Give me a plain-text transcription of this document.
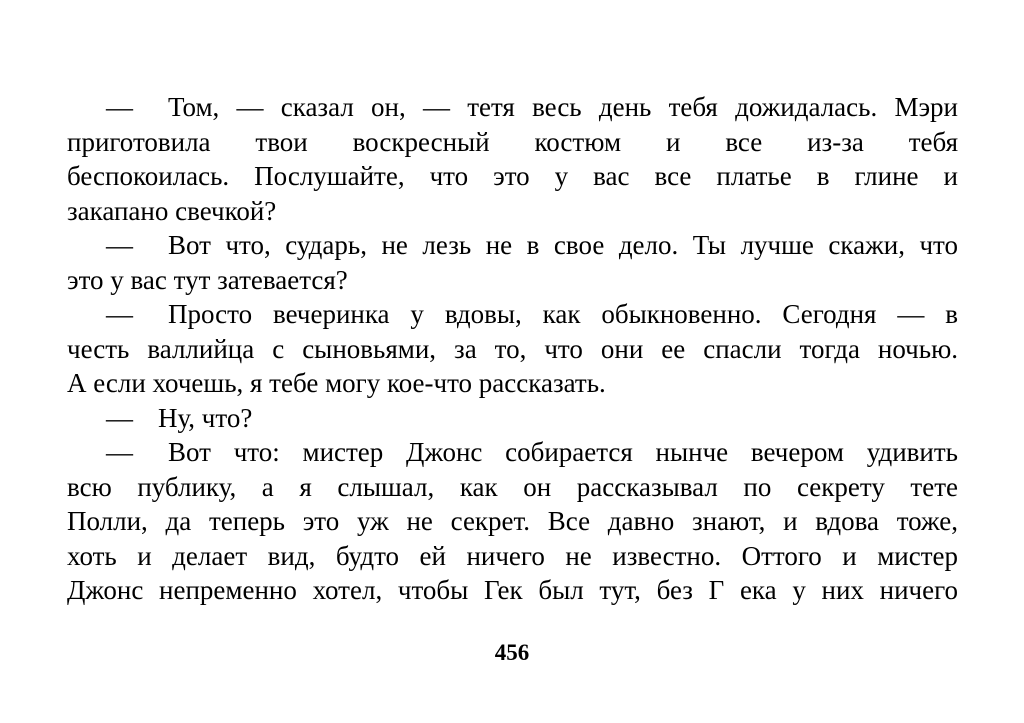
— Том, — сказал он, — тетя весь день тебя дожидалась. Мэри
приготовила твои воскресный костюм и все из-за тебя
беспокоилась. Послушайте, что это у вас все платье в глине и
закапано свечкой?
— Вот что, сударь, не лезь не в свое дело. Ты лучше скажи, что
это у вас тут затевается?
— Просто вечеринка у вдовы, как обыкновенно. Сегодня — в
честь валлийца с сыновьями, за то, что они ее спасли тогда ночью.
А если хочешь, я тебе могу кое-что рассказать.
— Ну, что?
— Вот что: мистер Джонс собирается нынче вечером удивить
всю публику, а я слышал, как он рассказывал по секрету тете
Полли, да теперь это уж не секрет. Все давно знают, и вдова тоже,
хоть и делает вид, будто ей ничего не известно. Оттого и мистер
Джонс непременно хотел, чтобы Гек был тут, без Г ека у них ничего
456
